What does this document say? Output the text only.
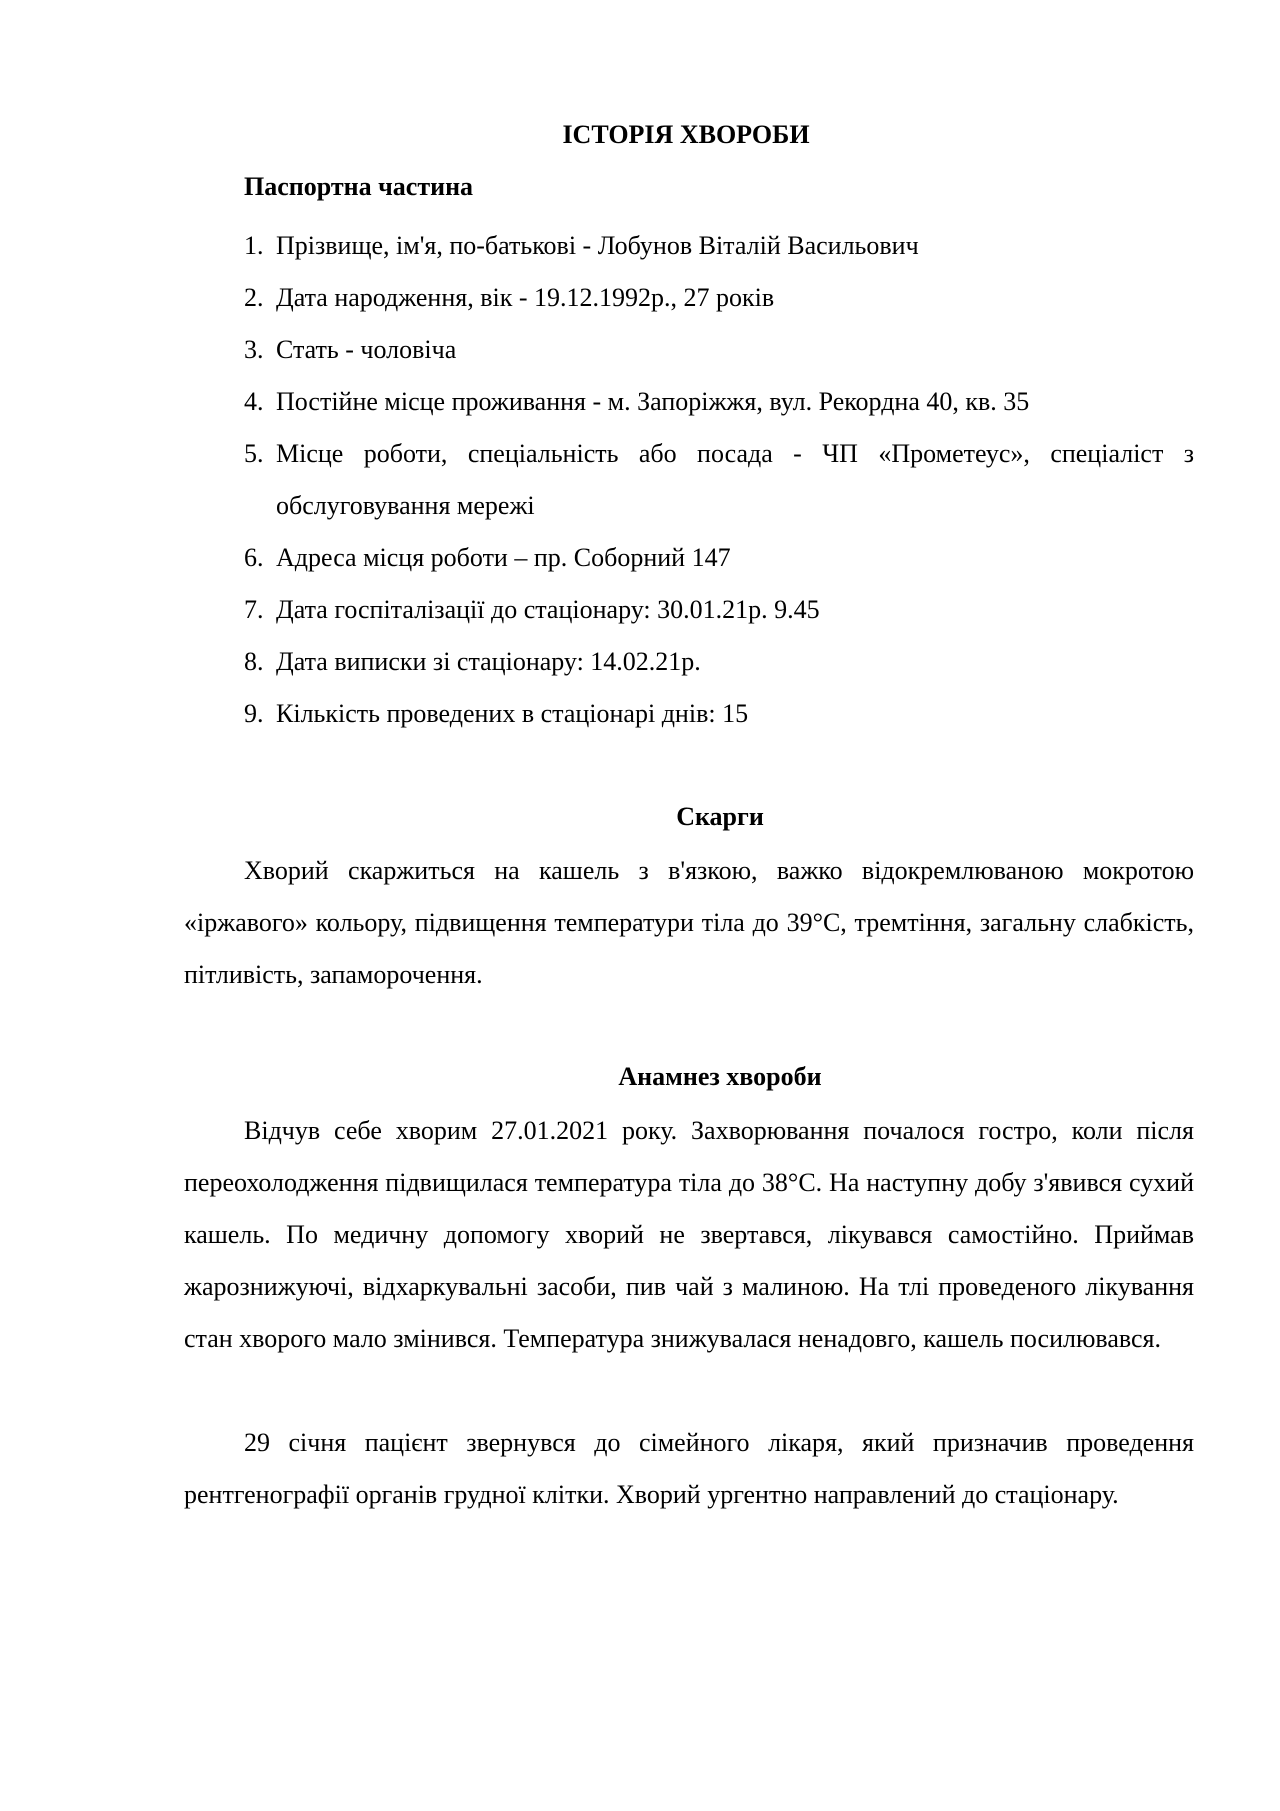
ІСТОРІЯ ХВОРОБИ
Паспортна частина
1. Прізвище, ім'я, по-батькові - Лобунов Віталій Васильович
2. Дата народження, вік - 19.12.1992р., 27 років
3. Стать - чоловіча
4. Постійне місце проживання - м. Запоріжжя, вул. Рекордна 40, кв. 35
5. Місце роботи, спеціальність або посада - ЧП «Прометеус», спеціаліст з обслуговування мережі
6. Адреса місця роботи – пр. Соборний 147
7. Дата госпіталізації до стаціонару: 30.01.21р. 9.45
8. Дата виписки зі стаціонару: 14.02.21р.
9. Кількість проведених в стаціонарі днів: 15
Скарги

Хворий скаржиться на кашель з в'язкою, важко відокремлюваною мокротою «іржавого» кольору, підвищення температури тіла до 39°С, тремтіння, загальну слабкість, пітливість, запаморочення.

Анамнез хвороби

Відчув себе хворим 27.01.2021 року. Захворювання почалося гостро, коли після переохолодження підвищилася температура тіла до 38°С. На наступну добу з'явився сухий кашель. По медичну допомогу хворий не звертався, лікувався самостійно. Приймав жарознижуючі, відхаркувальні засоби, пив чай з малиною. На тлі проведеного лікування стан хворого мало змінився. Температура знижувалася ненадовго, кашель посилювався.

29 січня пацієнт звернувся до сімейного лікаря, який призначив проведення рентгенографії органів грудної клітки. Хворий ургентно направлений до стаціонару.
